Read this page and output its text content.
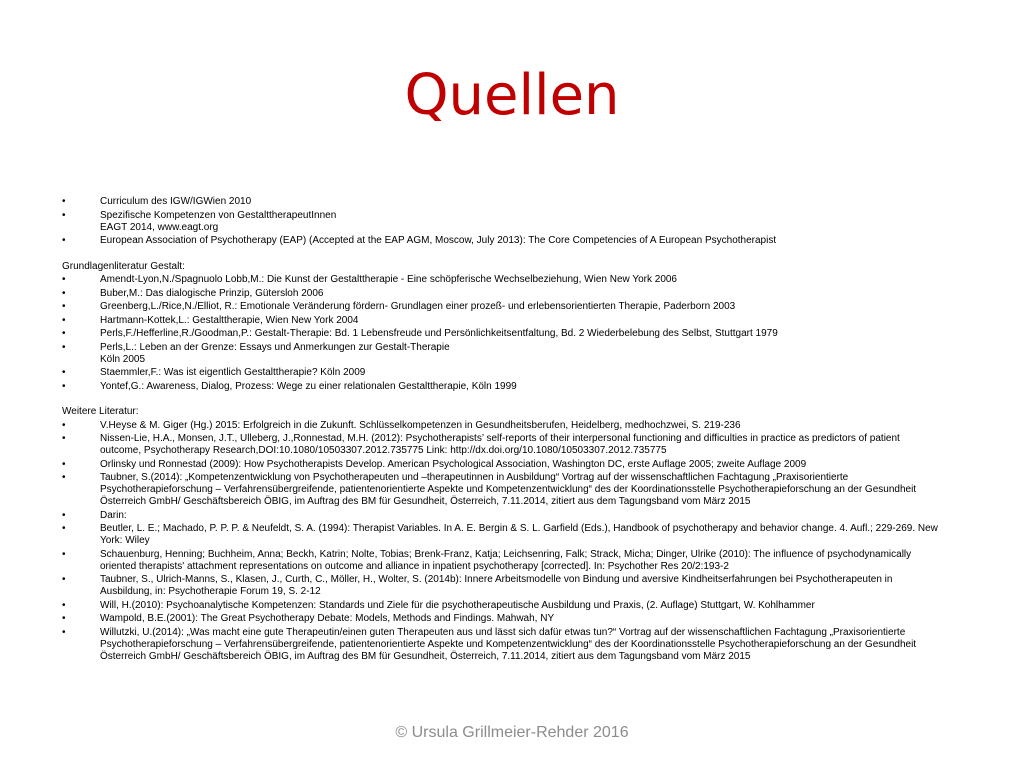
Quellen
• Curriculum des IGW/IGWien 2010
• Spezifische Kompetenzen von GestalttherapeutInnen
EAGT 2014, www.eagt.org
• European Association of Psychotherapy (EAP) (Accepted at the EAP AGM, Moscow, July 2013): The Core Competencies of A European Psychotherapist
Grundlagenliteratur Gestalt:
• Amendt-Lyon,N./Spagnuolo Lobb,M.: Die Kunst der Gestalttherapie - Eine schöpferische Wechselbeziehung, Wien New York 2006
• Buber,M.: Das dialogische Prinzip, Gütersloh 2006
• Greenberg,L./Rice,N./Elliot, R.: Emotionale Veränderung fördern- Grundlagen einer prozeß- und erlebensorientierten Therapie, Paderborn 2003
• Hartmann-Kottek,L.: Gestalttherapie, Wien New York 2004
• Perls,F./Hefferline,R./Goodman,P.: Gestalt-Therapie: Bd. 1 Lebensfreude und Persönlichkeitsentfaltung, Bd. 2 Wiederbelebung des Selbst, Stuttgart 1979
• Perls,L.: Leben an der Grenze: Essays und Anmerkungen zur Gestalt-Therapie
Köln 2005
• Staemmler,F.: Was ist eigentlich Gestalttherapie? Köln 2009
• Yontef,G.: Awareness, Dialog, Prozess: Wege zu einer relationalen Gestalttherapie, Köln 1999
Weitere Literatur:
• V.Heyse & M. Giger (Hg.) 2015: Erfolgreich in die Zukunft. Schlüsselkompetenzen in Gesundheitsberufen, Heidelberg, medhochzwei, S. 219-236
• Nissen-Lie, H.A., Monsen, J.T., Ulleberg, J.,Ronnestad, M.H. (2012): Psychotherapists’ self-reports of their interpersonal functioning and difficulties in practice as predictors of patient
outcome, Psychotherapy Research,DOI:10.1080/10503307.2012.735775 Link: http://dx.doi.org/10.1080/10503307.2012.735775
• Orlinsky und Ronnestad (2009): How Psychotherapists Develop. American Psychological Association, Washington DC, erste Auflage 2005; zweite Auflage 2009
• Taubner, S.(2014): „Kompetenzentwicklung von Psychotherapeuten und –therapeutinnen in Ausbildung“ Vortrag auf der wissenschaftlichen Fachtagung „Praxisorientierte
Psychotherapieforschung – Verfahrensübergreifende, patientenorientierte Aspekte und Kompetenzentwicklung“ des der Koordinationsstelle Psychotherapieforschung an der Gesundheit
Österreich GmbH/ Geschäftsbereich ÖBIG, im Auftrag des BM für Gesundheit, Österreich, 7.11.2014, zitiert aus dem Tagungsband vom März 2015
• Darin:
• Beutler, L. E.; Machado, P. P. P. & Neufeldt, S. A. (1994): Therapist Variables. In A. E. Bergin & S. L. Garfield (Eds.), Handbook of psychotherapy and behavior change. 4. Aufl.; 229-269. New
York: Wiley
• Schauenburg, Henning; Buchheim, Anna; Beckh, Katrin; Nolte, Tobias; Brenk-Franz, Katja; Leichsenring, Falk; Strack, Micha; Dinger, Ulrike (2010): The influence of psychodynamically
oriented therapists' attachment representations on outcome and alliance in inpatient psychotherapy [corrected]. In: Psychother Res 20/2:193-2
• Taubner, S., Ulrich-Manns, S., Klasen, J., Curth, C., Möller, H., Wolter, S. (2014b): Innere Arbeitsmodelle von Bindung und aversive Kindheitserfahrungen bei Psychotherapeuten in
Ausbildung, in: Psychotherapie Forum 19, S. 2-12
• Will, H.(2010): Psychoanalytische Kompetenzen: Standards und Ziele für die psychotherapeutische Ausbildung und Praxis, (2. Auflage) Stuttgart, W. Kohlhammer
• Wampold, B.E.(2001): The Great Psychotherapy Debate: Models, Methods and Findings. Mahwah, NY
• Willutzki, U.(2014): „Was macht eine gute Therapeutin/einen guten Therapeuten aus und lässt sich dafür etwas tun?“ Vortrag auf der wissenschaftlichen Fachtagung „Praxisorientierte
Psychotherapieforschung – Verfahrensübergreifende, patientenorientierte Aspekte und Kompetenzentwicklung“ des der Koordinationsstelle Psychotherapieforschung an der Gesundheit
Österreich GmbH/ Geschäftsbereich ÖBIG, im Auftrag des BM für Gesundheit, Österreich, 7.11.2014, zitiert aus dem Tagungsband vom März 2015
© Ursula Grillmeier-Rehder 2016
